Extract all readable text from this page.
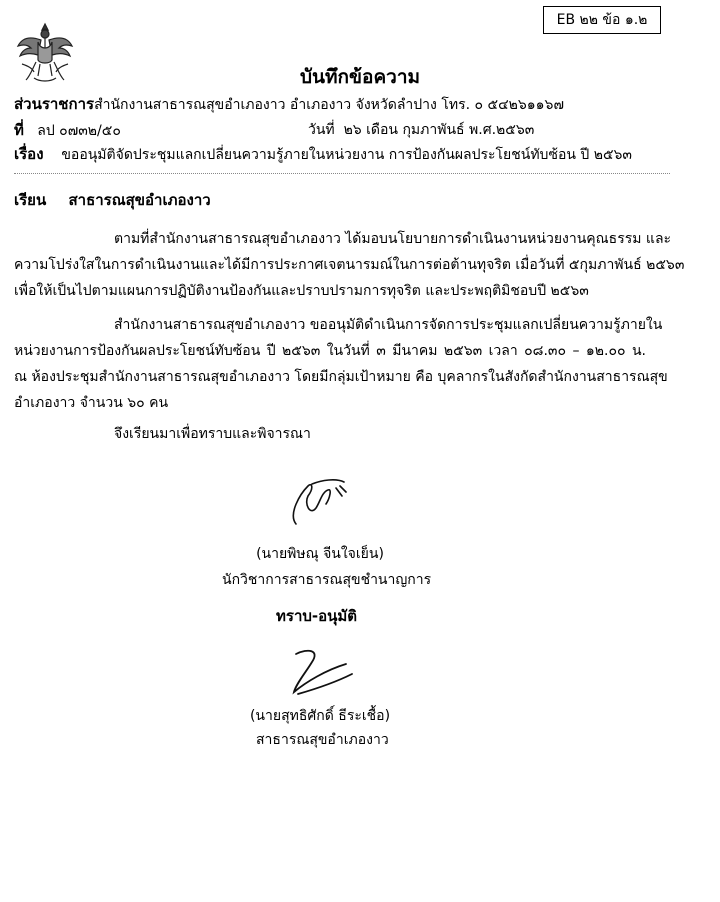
EB ๒๒ ข้อ ๑.๒
บันทึกข้อความ
ส่วนราชการสำนักงานสาธารณสุขอำเภองาว อำเภองาว จังหวัดลำปาง โทร. ๐ ๕๔๒๖๑๑๖๗
ที่ ลป ๐๗๓๒/๕๐	วันที่ ๒๖ เดือน กุมภาพันธ์ พ.ศ.๒๕๖๓
เรื่อง ขออนุมัติจัดประชุมแลกเปลี่ยนความรู้ภายในหน่วยงาน การป้องกันผลประโยชน์ทับซ้อน ปี ๒๕๖๓
เรียน สาธารณสุขอำเภองาว
ตามที่สำนักงานสาธารณสุขอำเภองาว ได้มอบนโยบายการดำเนินงานหน่วยงานคุณธรรม และ
ความโปร่งใสในการดำเนินงานและได้มีการประกาศเจตนารมณ์ในการต่อต้านทุจริต เมื่อวันที่ ๕กุมภาพันธ์ ๒๕๖๓
เพื่อให้เป็นไปตามแผนการปฏิบัติงานป้องกันและปราบปรามการทุจริต และประพฤติมิชอบปี ๒๕๖๓
สำนักงานสาธารณสุขอำเภองาว ขออนุมัติดำเนินการจัดการประชุมแลกเปลี่ยนความรู้ภายใน
หน่วยงานการป้องกันผลประโยชน์ทับซ้อน ปี ๒๕๖๓ ในวันที่ ๓ มีนาคม ๒๕๖๓ เวลา ๐๘.๓๐ – ๑๒.๐๐ น.
ณ ห้องประชุมสำนักงานสาธารณสุขอำเภองาว โดยมีกลุ่มเป้าหมาย คือ บุคลากรในสังกัดสำนักงานสาธารณสุข
อำเภองาว จำนวน ๖๐ คน
จึงเรียนมาเพื่อทราบและพิจารณา
(นายพิษณุ จีนใจเย็น)
นักวิชาการสาธารณสุขชำนาญการ
ทราบ-อนุมัติ
(นายสุทธิศักดิ์ ธีระเชื้อ)
สาธารณสุขอำเภองาว
